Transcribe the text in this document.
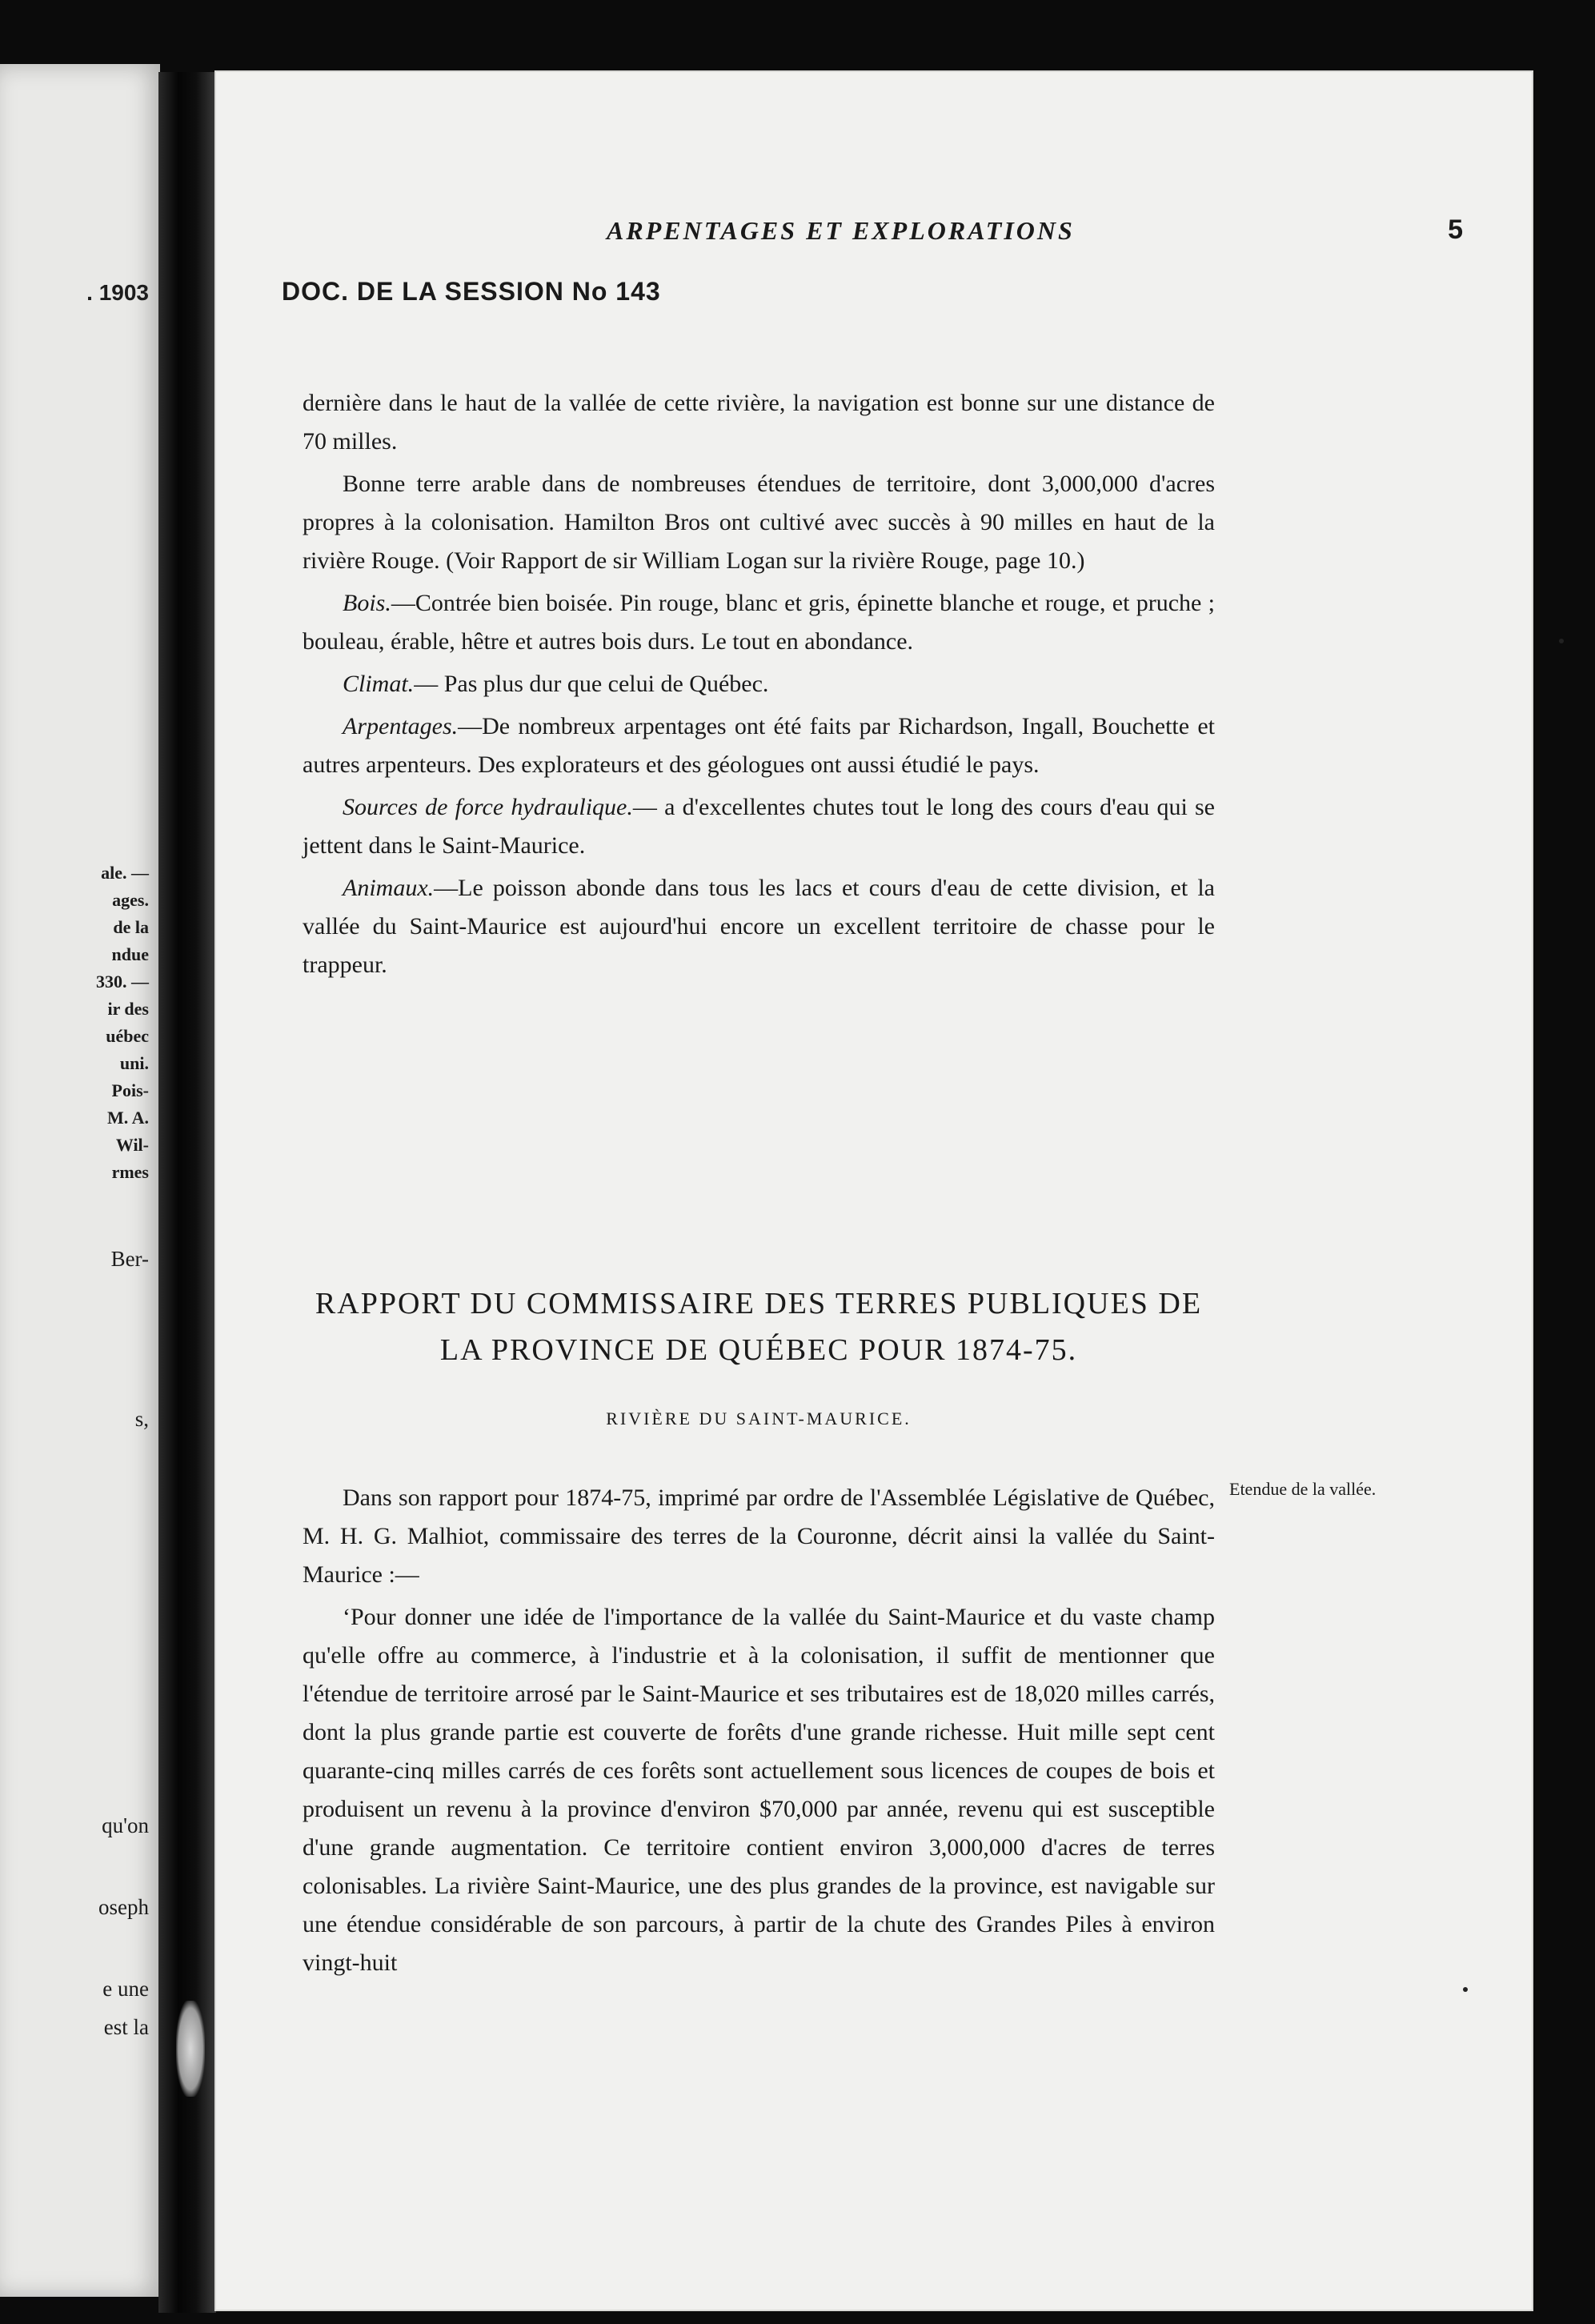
. 1903
ale. —
ages.
de la
ndue
330. —
ir des
uébec
uni.
Pois-
M. A.
Wil-
rmes
Ber-
s,
qu'on
oseph
e une
est la
ARPENTAGES ET EXPLORATIONS	5
DOC. DE LA SESSION No 143

dernière dans le haut de la vallée de cette rivière, la navigation est bonne sur une distance de 70 milles.

Bonne terre arable dans de nombreuses étendues de territoire, dont 3,000,000 d'acres propres à la colonisation. Hamilton Bros ont cultivé avec succès à 90 milles en haut de la rivière Rouge. (Voir Rapport de sir William Logan sur la rivière Rouge, page 10.)

Bois.—Contrée bien boisée. Pin rouge, blanc et gris, épinette blanche et rouge, et pruche ; bouleau, érable, hêtre et autres bois durs. Le tout en abondance.

Climat.— Pas plus dur que celui de Québec.

Arpentages.—De nombreux arpentages ont été faits par Richardson, Ingall, Bouchette et autres arpenteurs. Des explorateurs et des géologues ont aussi étudié le pays.

Sources de force hydraulique.— a d'excellentes chutes tout le long des cours d'eau qui se jettent dans le Saint-Maurice.

Animaux.—Le poisson abonde dans tous les lacs et cours d'eau de cette division, et la vallée du Saint-Maurice est aujourd'hui encore un excellent territoire de chasse pour le trappeur.

RAPPORT DU COMMISSAIRE DES TERRES PUBLIQUES DE
LA PROVINCE DE QUÉBEC POUR 1874-75.
RIVIÈRE DU SAINT-MAURICE.

Dans son rapport pour 1874-75, imprimé par ordre de l'Assemblée Législative de Québec, M. H. G. Malhiot, commissaire des terres de la Couronne, décrit ainsi la vallée du Saint-Maurice :—

‘Pour donner une idée de l'importance de la vallée du Saint-Maurice et du vaste champ qu'elle offre au commerce, à l'industrie et à la colonisation, il suffit de mentionner que l'étendue de territoire arrosé par le Saint-Maurice et ses tributaires est de 18,020 milles carrés, dont la plus grande partie est couverte de forêts d'une grande richesse. Huit mille sept cent quarante-cinq milles carrés de ces forêts sont actuellement sous licences de coupes de bois et produisent un revenu à la province d'environ $70,000 par année, revenu qui est susceptible d'une grande augmentation. Ce territoire contient environ 3,000,000 d'acres de terres colonisables. La rivière Saint-Maurice, une des plus grandes de la province, est navigable sur une étendue considérable de son parcours, à partir de la chute des Grandes Piles à environ vingt-huit

Etendue de la vallée.
